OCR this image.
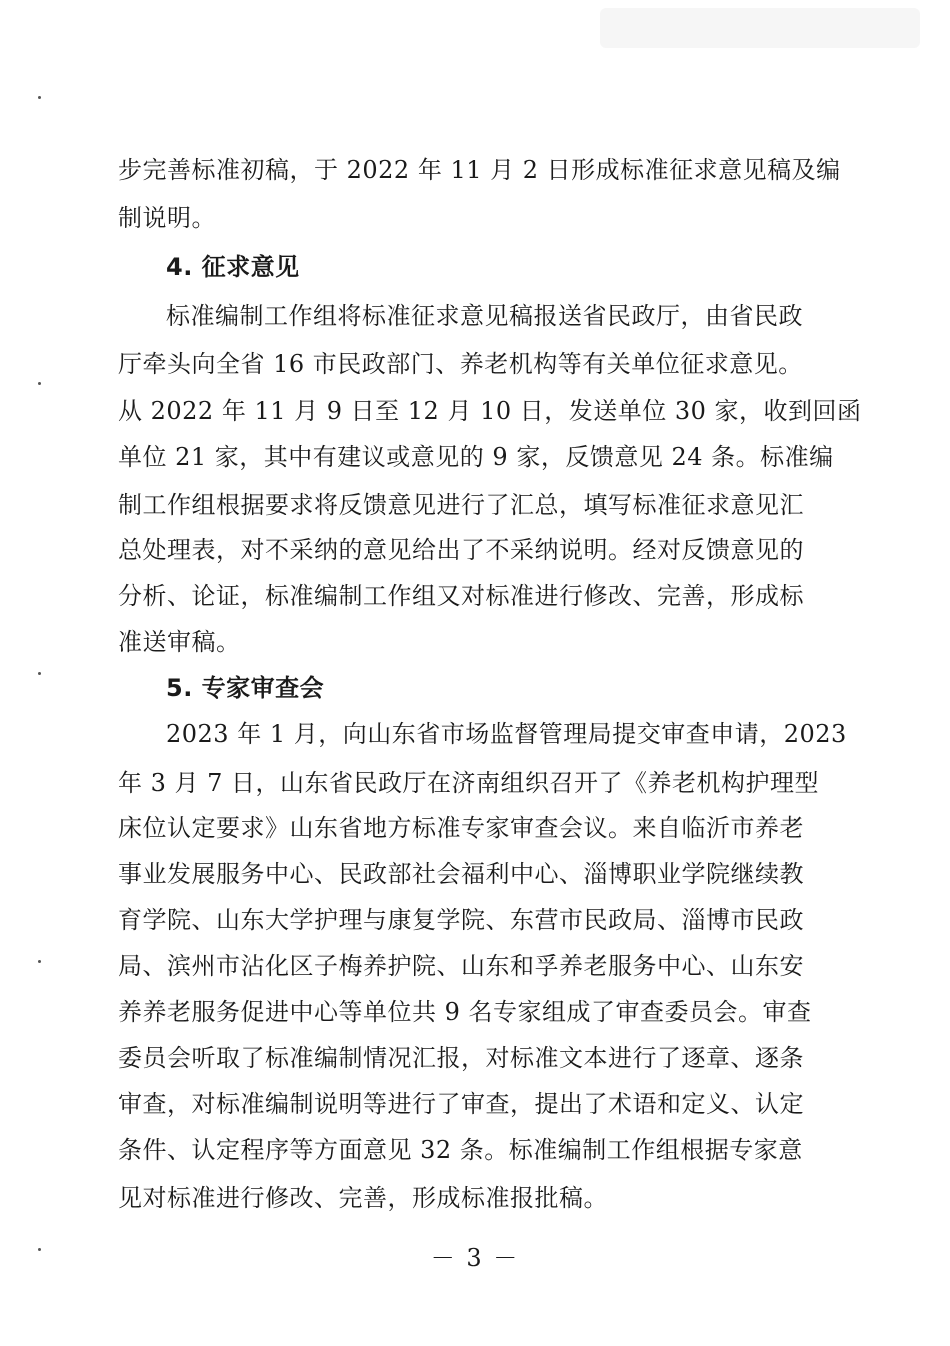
步完善标准初稿，于 2022 年 11 月 2 日形成标准征求意见稿及编
制说明。
4. 征求意见
标准编制工作组将标准征求意见稿报送省民政厅，由省民政
厅牵头向全省 16 市民政部门、养老机构等有关单位征求意见。
从 2022 年 11 月 9 日至 12 月 10 日，发送单位 30 家，收到回函
单位 21 家，其中有建议或意见的 9 家，反馈意见 24 条。标准编
制工作组根据要求将反馈意见进行了汇总，填写标准征求意见汇
总处理表，对不采纳的意见给出了不采纳说明。经对反馈意见的
分析、论证，标准编制工作组又对标准进行修改、完善，形成标
准送审稿。
5. 专家审查会
2023 年 1 月，向山东省市场监督管理局提交审查申请，2023
年 3 月 7 日，山东省民政厅在济南组织召开了《养老机构护理型
床位认定要求》山东省地方标准专家审查会议。来自临沂市养老
事业发展服务中心、民政部社会福利中心、淄博职业学院继续教
育学院、山东大学护理与康复学院、东营市民政局、淄博市民政
局、滨州市沾化区子梅养护院、山东和孚养老服务中心、山东安
养养老服务促进中心等单位共 9 名专家组成了审查委员会。审查
委员会听取了标准编制情况汇报，对标准文本进行了逐章、逐条
审查，对标准编制说明等进行了审查，提出了术语和定义、认定
条件、认定程序等方面意见 32 条。标准编制工作组根据专家意
见对标准进行修改、完善，形成标准报批稿。
－ 3 －
